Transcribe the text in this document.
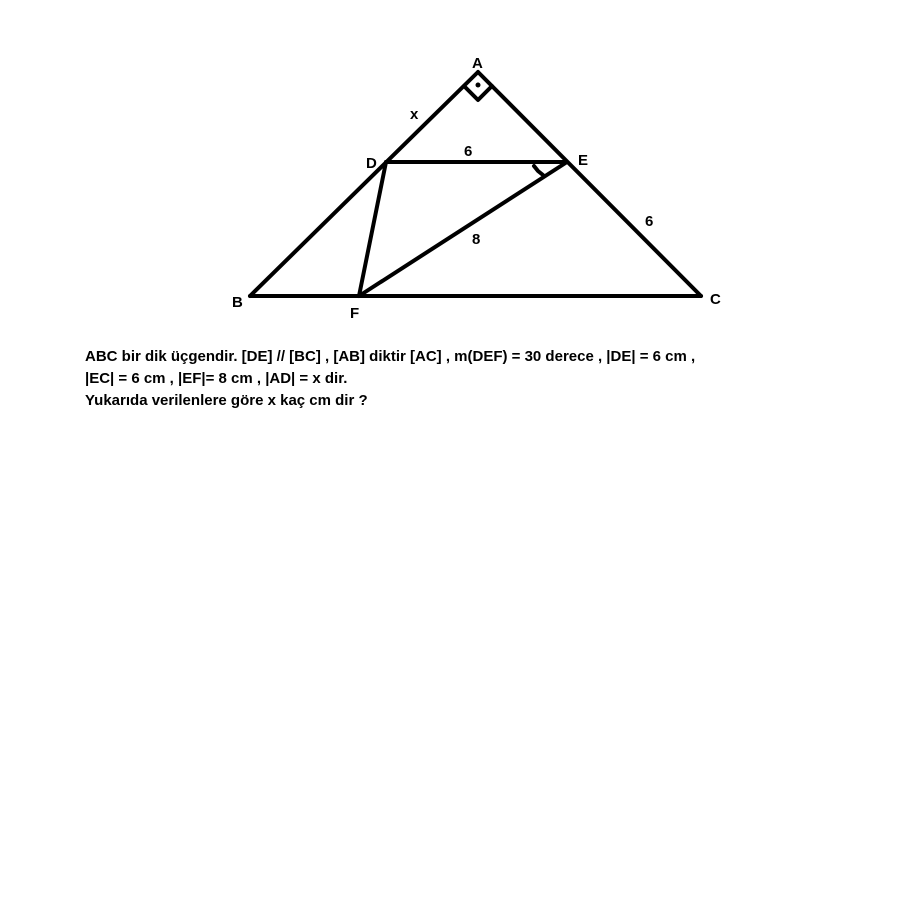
A
B	C
D	E
F
x
6
6
8
ABC bir dik üçgendir. [DE] // [BC] , [AB] diktir [AC] , m(DEF) = 30 derece , |DE| = 6 cm ,
|EC| = 6 cm , |EF|= 8 cm , |AD| = x dir.
Yukarıda verilenlere göre x kaç cm dir ?
